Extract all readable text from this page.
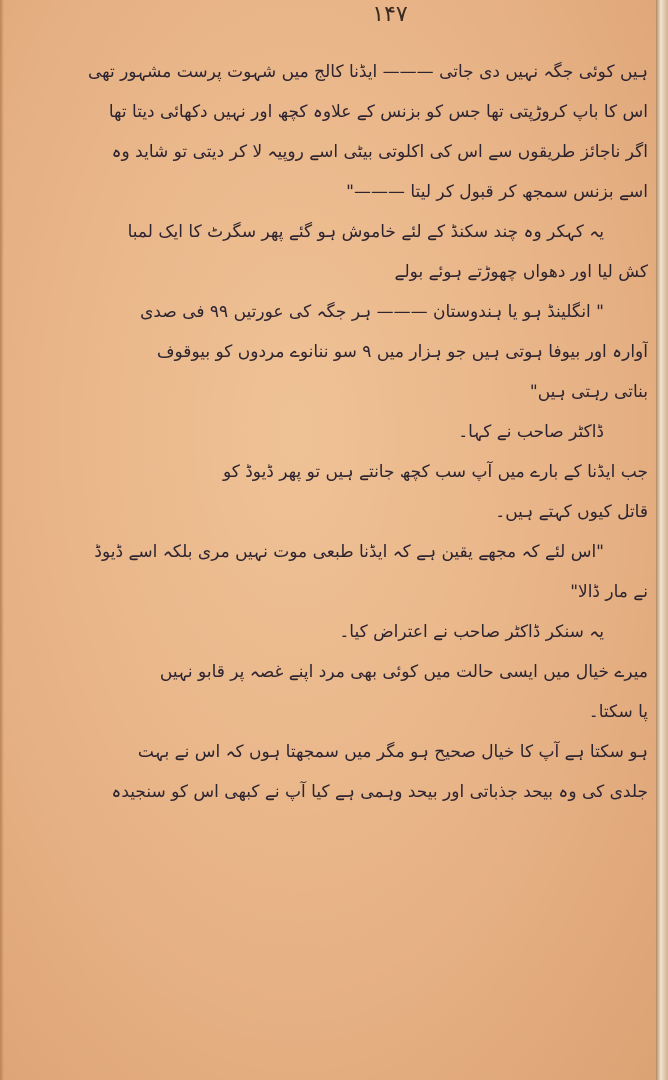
۱۴۷
ہیں کوئی جگہ نہیں دی جاتی ——— ایڈنا کالج میں شہوت پرست مشہور تھی
اس کا باپ کروڑپتی تھا جس کو بزنس کے علاوہ کچھ اور نہیں دکھائی دیتا تھا
اگر ناجائز طریقوں سے اس کی اکلوتی بیٹی اسے روپیہ لا کر دیتی تو شاید وہ
اسے بزنس سمجھ کر قبول کر لیتا ———"
یہ کہکر وہ چند سکنڈ کے لئے خاموش ہو گئے پھر سگرٹ کا ایک لمبا
کش لیا اور دھواں چھوڑتے ہوئے بولے
" انگلینڈ ہو یا ہندوستان ——— ہر جگہ کی عورتیں ۹۹ فی صدی
آوارہ اور بیوفا ہوتی ہیں جو ہزار میں ۹ سو ننانوے مردوں کو بیوقوف
بناتی رہتی ہیں"
ڈاکٹر صاحب نے کہا۔
جب ایڈنا کے بارے میں آپ سب کچھ جانتے ہیں تو پھر ڈیوڈ کو
قاتل کیوں کہتے ہیں۔
"اس لئے کہ مجھے یقین ہے کہ ایڈنا طبعی موت نہیں مری بلکہ اسے ڈیوڈ
نے مار ڈالا"
یہ سنکر ڈاکٹر صاحب نے اعتراض کیا۔
میرے خیال میں ایسی حالت میں کوئی بھی مرد اپنے غصہ پر قابو نہیں
پا سکتا۔
ہو سکتا ہے آپ کا خیال صحیح ہو مگر میں سمجھتا ہوں کہ اس نے بہت
جلدی کی وہ بیحد جذباتی اور بیحد وہمی ہے کیا آپ نے کبھی اس کو سنجیدہ
